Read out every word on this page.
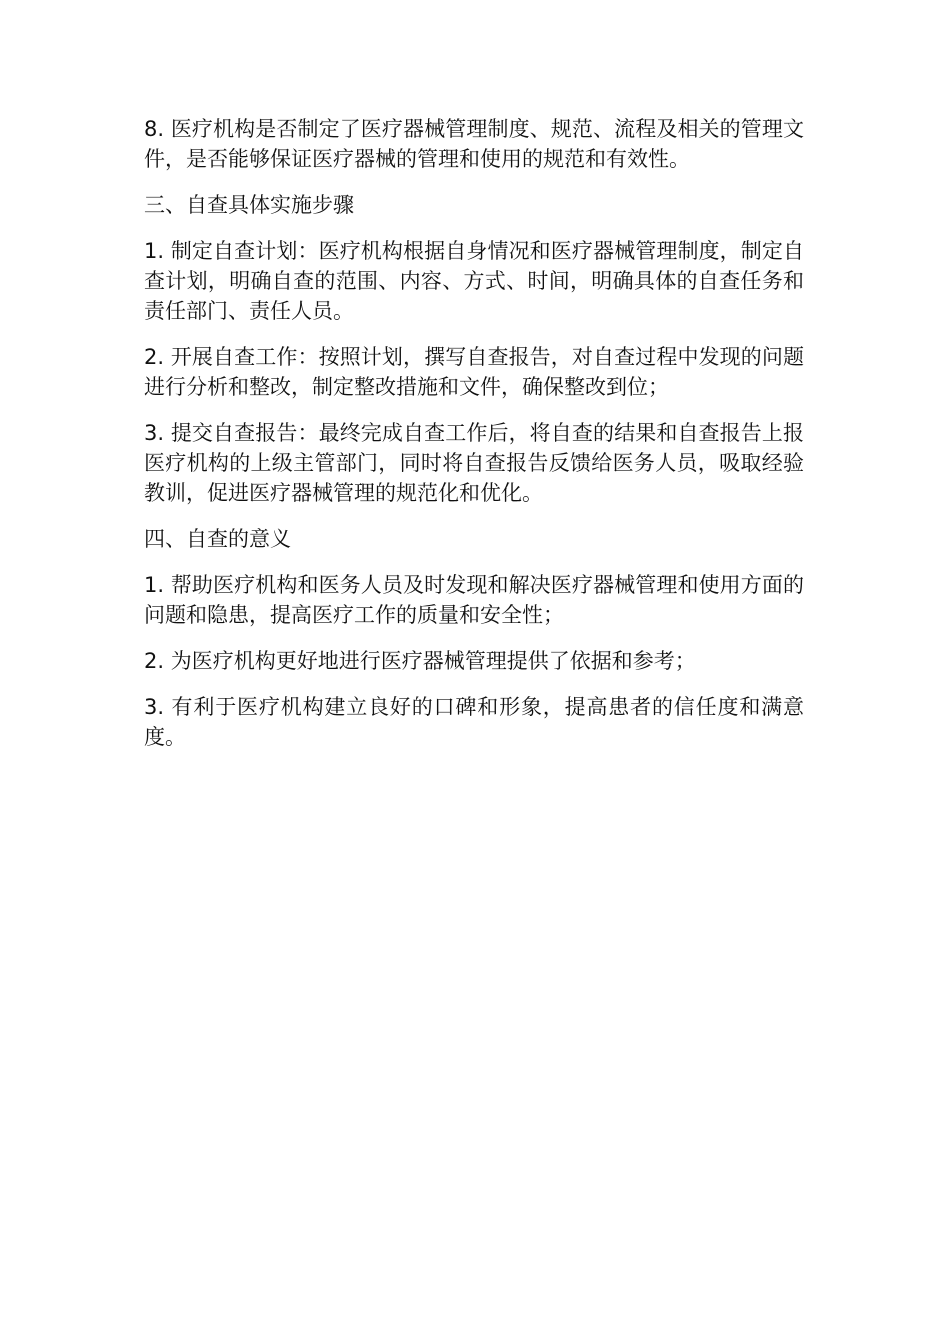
8. 医疗机构是否制定了医疗器械管理制度、规范、流程及相关的管理文件，是否能够保证医疗器械的管理和使用的规范和有效性。

三、自查具体实施步骤

1. 制定自查计划：医疗机构根据自身情况和医疗器械管理制度，制定自查计划，明确自查的范围、内容、方式、时间，明确具体的自查任务和责任部门、责任人员。

2. 开展自查工作：按照计划，撰写自查报告，对自查过程中发现的问题进行分析和整改，制定整改措施和文件，确保整改到位；

3. 提交自查报告：最终完成自查工作后，将自查的结果和自查报告上报医疗机构的上级主管部门，同时将自查报告反馈给医务人员，吸取经验教训，促进医疗器械管理的规范化和优化。

四、自查的意义

1. 帮助医疗机构和医务人员及时发现和解决医疗器械管理和使用方面的问题和隐患，提高医疗工作的质量和安全性；

2. 为医疗机构更好地进行医疗器械管理提供了依据和参考；

3. 有利于医疗机构建立良好的口碑和形象，提高患者的信任度和满意度。
